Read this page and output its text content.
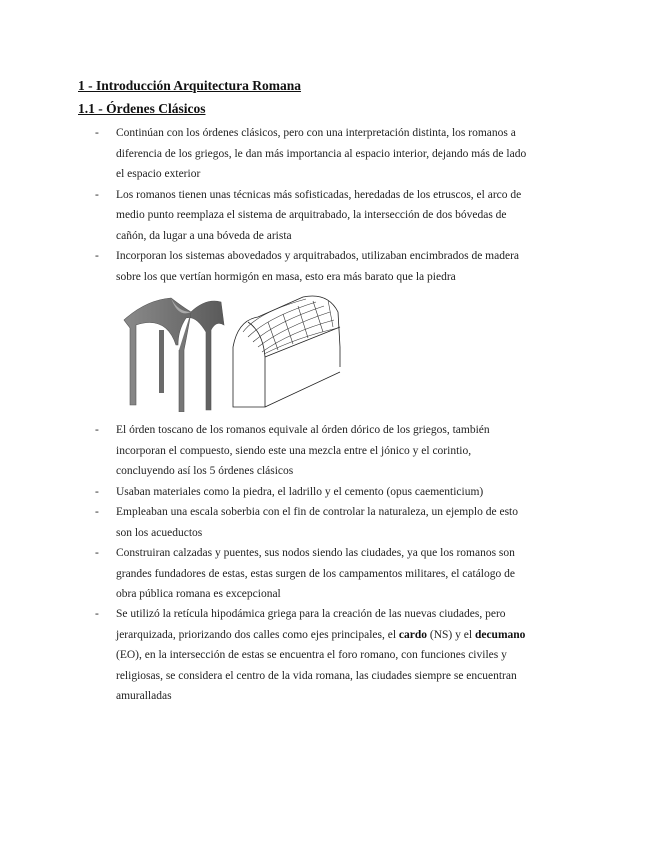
1 - Introducción Arquitectura Romana
1.1 - Órdenes Clásicos
- Continúan con los órdenes clásicos, pero con una interpretación distinta, los romanos a
diferencia de los griegos, le dan más importancia al espacio interior, dejando más de lado
el espacio exterior
- Los romanos tienen unas técnicas más sofisticadas, heredadas de los etruscos, el arco de
medio punto reemplaza el sistema de arquitrabado, la intersección de dos bóvedas de
cañón, da lugar a una bóveda de arista
- Incorporan los sistemas abovedados y arquitrabados, utilizaban encimbrados de madera
sobre los que vertían hormigón en masa, esto era más barato que la piedra
- El órden toscano de los romanos equivale al órden dórico de los griegos, también
incorporan el compuesto, siendo este una mezcla entre el jónico y el corintio,
concluyendo así los 5 órdenes clásicos
- Usaban materiales como la piedra, el ladrillo y el cemento (opus caementicium)
- Empleaban una escala soberbia con el fin de controlar la naturaleza, un ejemplo de esto
son los acueductos
- Construiran calzadas y puentes, sus nodos siendo las ciudades, ya que los romanos son
grandes fundadores de estas, estas surgen de los campamentos militares, el catálogo de
obra pública romana es excepcional
- Se utilizó la retícula hipodámica griega para la creación de las nuevas ciudades, pero
jerarquizada, priorizando dos calles como ejes principales, el cardo (NS) y el decumano
(EO), en la intersección de estas se encuentra el foro romano, con funciones civiles y
religiosas, se considera el centro de la vida romana, las ciudades siempre se encuentran
amuralladas
